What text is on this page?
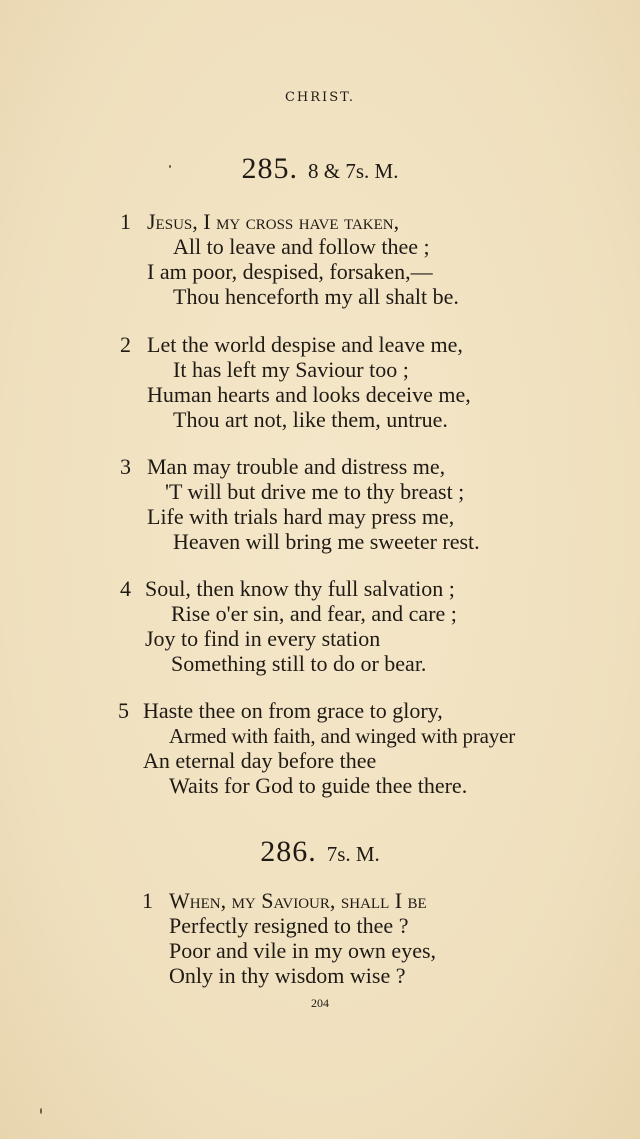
CHRIST.
285. 8 & 7s. M.
1 Jesus, I my cross have taken,
All to leave and follow thee ;
I am poor, despised, forsaken,—
Thou henceforth my all shalt be.
2 Let the world despise and leave me,
It has left my Saviour too ;
Human hearts and looks deceive me,
Thou art not, like them, untrue.
3 Man may trouble and distress me,
'T will but drive me to thy breast ;
Life with trials hard may press me,
Heaven will bring me sweeter rest.
4 Soul, then know thy full salvation ;
Rise o'er sin, and fear, and care ;
Joy to find in every station
Something still to do or bear.
5 Haste thee on from grace to glory,
Armed with faith, and winged with prayer
An eternal day before thee
Waits for God to guide thee there.
286. 7s. M.
1 When, my Saviour, shall I be
Perfectly resigned to thee ?
Poor and vile in my own eyes,
Only in thy wisdom wise ?
204
